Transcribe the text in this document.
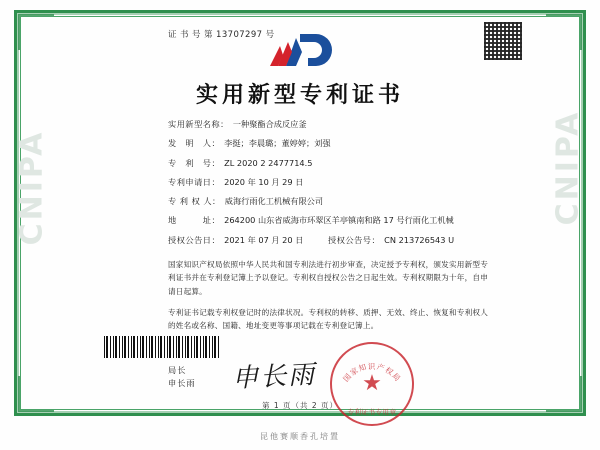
CNIPA	CNIPA
证 书 号 第 13707297 号
实用新型专利证书
实用新型名称： 一种聚酯合成反应釜
发　明　人： 李挺；李晨璐；董婷婷；刘强
专　利　号： ZL 2020 2 2477714.5
专利申请日： 2020 年 10 月 29 日
专 利 权 人： 威海行雨化工机械有限公司
地　　　址： 264200 山东省威海市环翠区羊亭镇南和路 17 号行雨化工机械
授权公告日： 2021 年 07 月 20 日	授权公告号： CN 213726543 U
国家知识产权局依照中华人民共和国专利法进行初步审查，决定授予专利权，颁发实用新型专利证书并在专利登记簿上予以登记。专利权自授权公告之日起生效。专利权期限为十年，自申请日起算。
专利证书记载专利权登记时的法律状况。专利权的转移、质押、无效、终止、恢复和专利权人的姓名或名称、国籍、地址变更等事项记载在专利登记簿上。
局长
申长雨 申长雨	国家知识产权局
★
专利证书专用章
第 1 页（共 2 页）
昆他赛顺香孔培置
